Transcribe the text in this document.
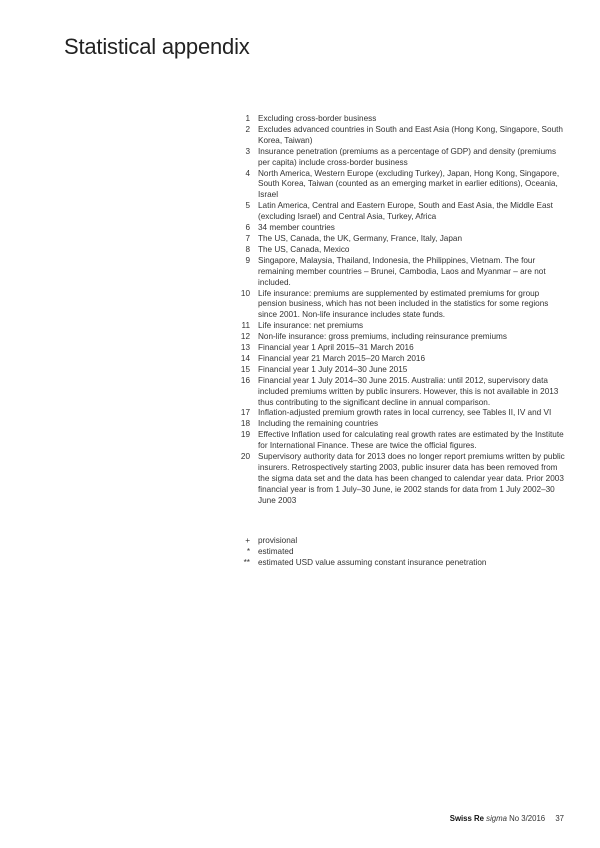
Statistical appendix
1 Excluding cross-border business
2 Excludes advanced countries in South and East Asia (Hong Kong, Singapore, South Korea, Taiwan)
3 Insurance penetration (premiums as a percentage of GDP) and density (premiums per capita) include cross-border business
4 North America, Western Europe (excluding Turkey), Japan, Hong Kong, Singapore, South Korea, Taiwan (counted as an emerging market in earlier editions), Oceania, Israel
5 Latin America, Central and Eastern Europe, South and East Asia, the Middle East (excluding Israel) and Central Asia, Turkey, Africa
6 34 member countries
7 The US, Canada, the UK, Germany, France, Italy, Japan
8 The US, Canada, Mexico
9 Singapore, Malaysia, Thailand, Indonesia, the Philippines, Vietnam. The four remaining member countries – Brunei, Cambodia, Laos and Myanmar – are not included.
10 Life insurance: premiums are supplemented by estimated premiums for group pension business, which has not been included in the statistics for some regions since 2001. Non-life insurance includes state funds.
11 Life insurance: net premiums
12 Non-life insurance: gross premiums, including reinsurance premiums
13 Financial year 1 April 2015–31 March 2016
14 Financial year 21 March 2015–20 March 2016
15 Financial year 1 July 2014–30 June 2015
16 Financial year 1 July 2014–30 June 2015. Australia: until 2012, supervisory data included premiums written by public insurers. However, this is not available in 2013 thus contributing to the significant decline in annual comparison.
17 Inflation-adjusted premium growth rates in local currency, see Tables II, IV and VI
18 Including the remaining countries
19 Effective Inflation used for calculating real growth rates are estimated by the Institute for International Finance. These are twice the official figures.
20 Supervisory authority data for 2013 does no longer report premiums written by public insurers. Retrospectively starting 2003, public insurer data has been removed from the sigma data set and the data has been changed to calendar year data. Prior 2003 financial year is from 1 July–30 June, ie 2002 stands for data from 1 July 2002–30 June 2003
+ provisional
* estimated
** estimated USD value assuming constant insurance penetration
Swiss Re sigma No 3/2016 37
